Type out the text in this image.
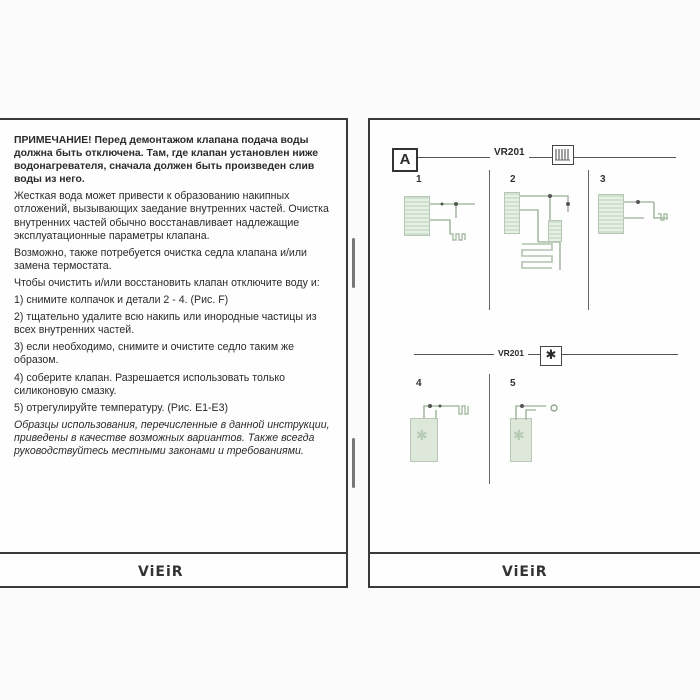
ПРИМЕЧАНИЕ! Перед демонтажом клапана подача воды должна быть отключена. Там, где клапан установлен ниже водонагревателя, сначала должен быть произведен слив воды из него.

Жесткая вода может привести к образованию накипных отложений, вызывающих заедание внутренних частей. Очистка внутренних частей обычно восстанавливает надлежащие эксплуатационные параметры клапана.

Возможно, также потребуется очистка седла клапана и/или замена термостата.

Чтобы очистить и/или восстановить клапан отключите воду и:

1) снимите колпачок и детали 2 - 4. (Рис. F)

2) тщательно удалите всю накипь или инородные частицы из всех внутренних частей.

3) если необходимо, снимите и очистите седло таким же образом.

4) соберите клапан. Разрешается использовать только силиконовую смазку.

5) отрегулируйте температуру. (Рис. E1-E3)

Образцы использования, перечисленные в данной инструкции, приведены в качестве возможных вариантов. Также всегда руководствуйтесь местными законами и требованиями.

ViEiR
A	VR201
1	2	3
VR201	✱
4
✱
5
✱
ViEiR
